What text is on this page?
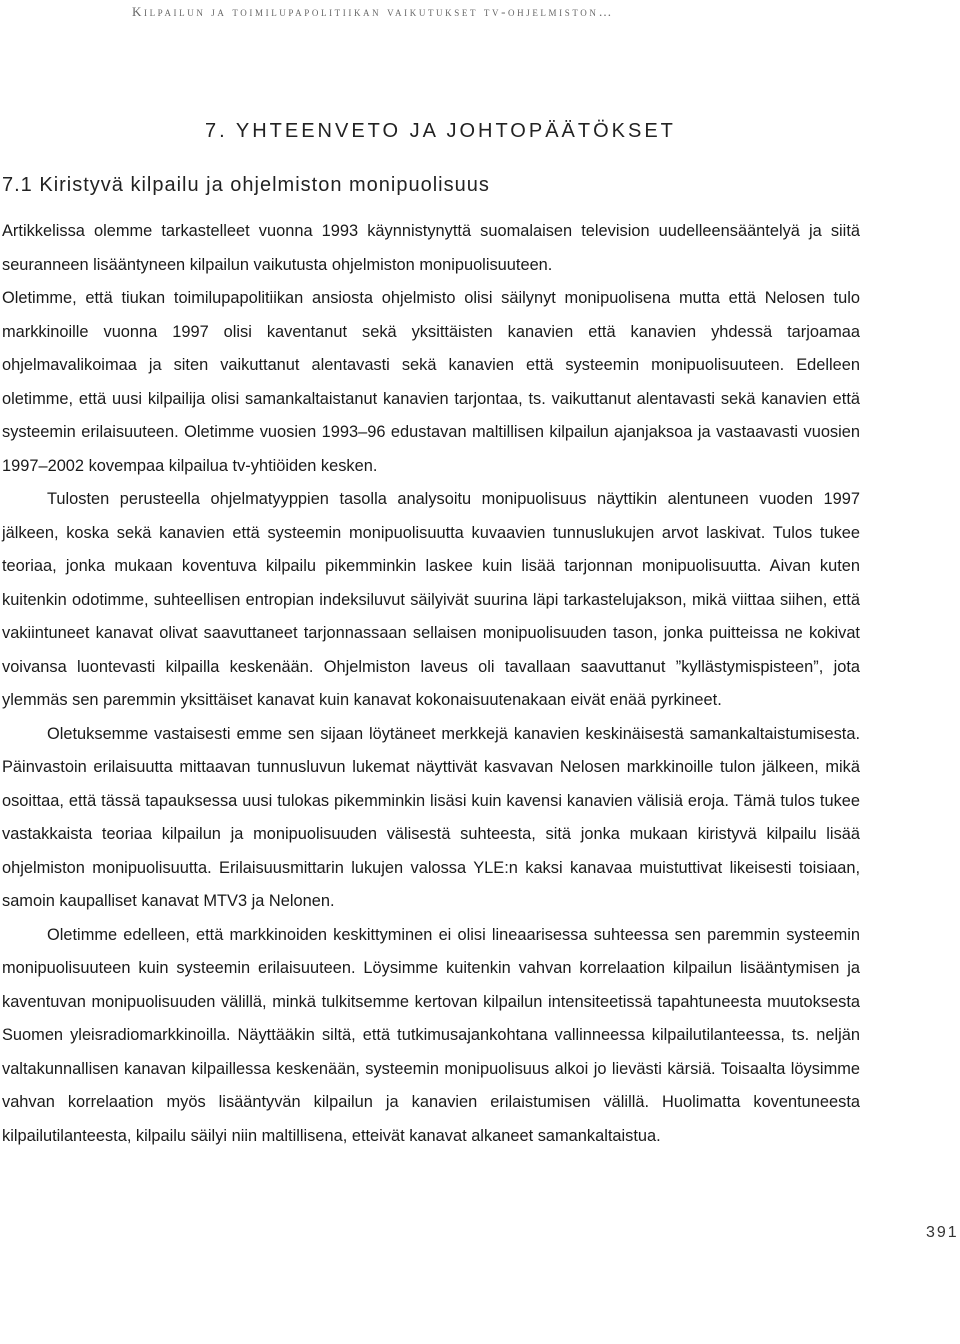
Kilpailun ja toimilupapolitiikan vaikutukset tv-ohjelmiston…
7. YHTEENVETO JA JOHTOPÄÄTÖKSET
7.1 Kiristyvä kilpailu ja ohjelmiston monipuolisuus

Artikkelissa olemme tarkastelleet vuonna 1993 käynnistynyttä suomalaisen television uudelleensääntelyä ja siitä seuranneen lisääntyneen kilpailun vaikutusta ohjelmiston monipuolisuuteen.

Oletimme, että tiukan toimilupapolitiikan ansiosta ohjelmisto olisi säilynyt monipuolisena mutta että Nelosen tulo markkinoille vuonna 1997 olisi kaventanut sekä yksittäisten kanavien että kanavien yhdessä tarjoamaa ohjelmavalikoimaa ja siten vaikuttanut alentavasti sekä kanavien että systeemin monipuolisuuteen. Edelleen oletimme, että uusi kilpailija olisi samankaltaistanut kanavien tarjontaa, ts. vaikuttanut alentavasti sekä kanavien että systeemin erilaisuuteen. Oletimme vuosien 1993–96 edustavan maltillisen kilpailun ajanjaksoa ja vastaavasti vuosien 1997–2002 kovempaa kilpailua tv-yhtiöiden kesken.

Tulosten perusteella ohjelmatyyppien tasolla analysoitu monipuolisuus näyttikin alentuneen vuoden 1997 jälkeen, koska sekä kanavien että systeemin monipuolisuutta kuvaavien tunnuslukujen arvot laskivat. Tulos tukee teoriaa, jonka mukaan koventuva kilpailu pikemminkin laskee kuin lisää tarjonnan monipuolisuutta. Aivan kuten kuitenkin odotimme, suhteellisen entropian indeksiluvut säilyivät suurina läpi tarkastelujakson, mikä viittaa siihen, että vakiintuneet kanavat olivat saavuttaneet tarjonnassaan sellaisen monipuolisuuden tason, jonka puitteissa ne kokivat voivansa luontevasti kilpailla keskenään. Ohjelmiston laveus oli tavallaan saavuttanut ”kyllästymispisteen”, jota ylemmäs sen paremmin yksittäiset kanavat kuin kanavat kokonaisuutenakaan eivät enää pyrkineet.

Oletuksemme vastaisesti emme sen sijaan löytäneet merkkejä kanavien keskinäisestä samankaltaistumisesta. Päinvastoin erilaisuutta mittaavan tunnusluvun lukemat näyttivät kasvavan Nelosen markkinoille tulon jälkeen, mikä osoittaa, että tässä tapauksessa uusi tulokas pikemminkin lisäsi kuin kavensi kanavien välisiä eroja. Tämä tulos tukee vastakkaista teoriaa kilpailun ja monipuolisuuden välisestä suhteesta, sitä jonka mukaan kiristyvä kilpailu lisää ohjelmiston monipuolisuutta. Erilaisuusmittarin lukujen valossa YLE:n kaksi kanavaa muistuttivat likeisesti toisiaan, samoin kaupalliset kanavat MTV3 ja Nelonen.

Oletimme edelleen, että markkinoiden keskittyminen ei olisi lineaarisessa suhteessa sen paremmin systeemin monipuolisuuteen kuin systeemin erilaisuuteen. Löysimme kuitenkin vahvan korrelaation kilpailun lisääntymisen ja kaventuvan monipuolisuuden välillä, minkä tulkitsemme kertovan kilpailun intensiteetissä tapahtuneesta muutoksesta Suomen yleisradiomarkkinoilla. Näyttääkin siltä, että tutkimusajankohtana vallinneessa kilpailutilanteessa, ts. neljän valtakunnallisen kanavan kilpaillessa keskenään, systeemin monipuolisuus alkoi jo lievästi kärsiä. Toisaalta löysimme vahvan korrelaation myös lisääntyvän kilpailun ja kanavien erilaistumisen välillä. Huolimatta koventuneesta kilpailutilanteesta, kilpailu säilyi niin maltillisena, etteivät kanavat alkaneet samankaltaistua.

391
